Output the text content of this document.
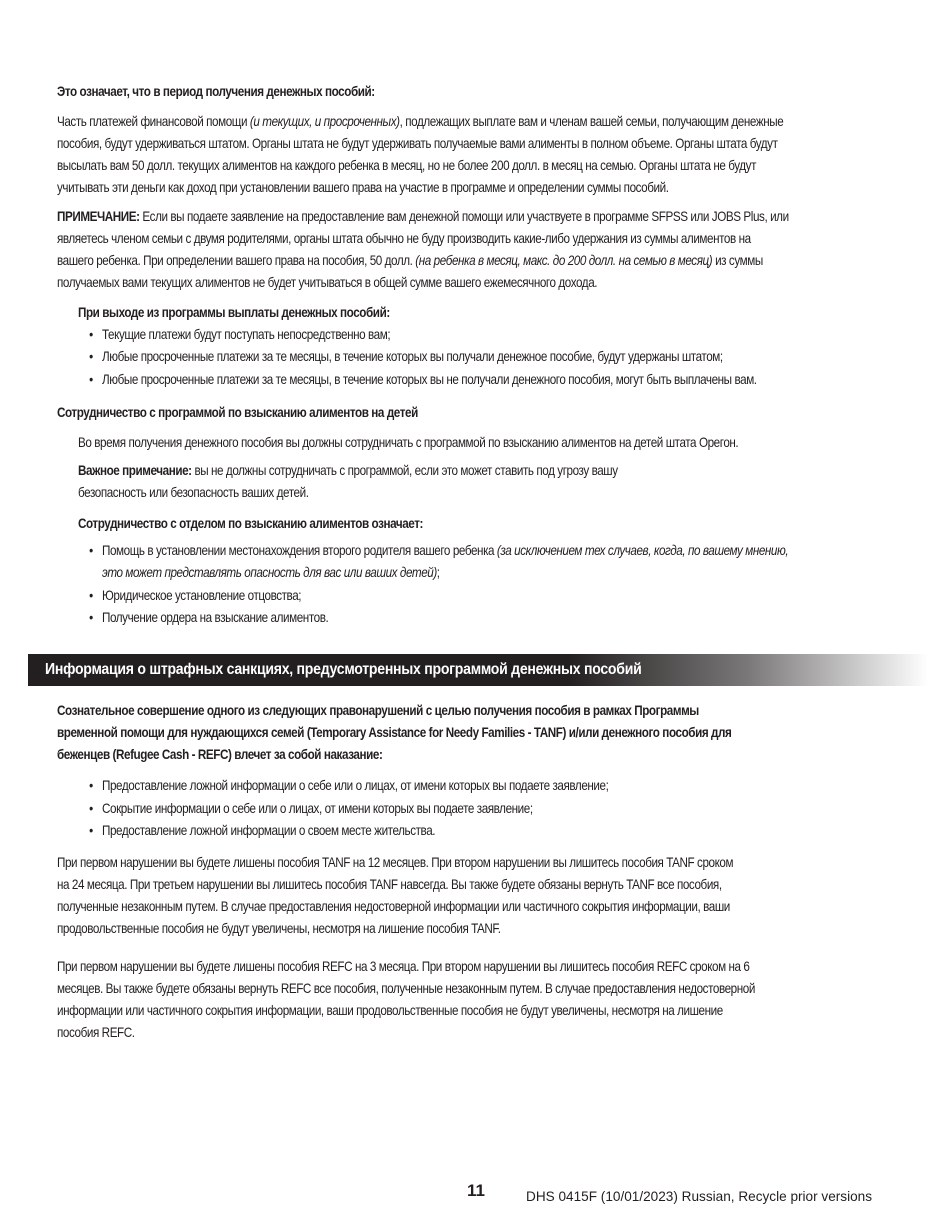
Это означает, что в период получения денежных пособий:
Часть платежей финансовой помощи (и текущих, и просроченных), подлежащих выплате вам и членам вашей семьи, получающим денежные
пособия, будут удерживаться штатом. Органы штата не будут удерживать получаемые вами алименты в полном объеме. Органы штата будут
высылать вам 50 долл. текущих алиментов на каждого ребенка в месяц, но не более 200 долл. в месяц на семью. Органы штата не будут
учитывать эти деньги как доход при установлении вашего права на участие в программе и определении суммы пособий.
ПРИМЕЧАНИЕ: Если вы подаете заявление на предоставление вам денежной помощи или участвуете в программе SFPSS или JOBS Plus, или
являетесь членом семьи с двумя родителями, органы штата обычно не буду производить какие-либо удержания из суммы алиментов на
вашего ребенка. При определении вашего права на пособия, 50 долл. (на ребенка в месяц, макс. до 200 долл. на семью в месяц) из суммы
получаемых вами текущих алиментов не будет учитываться в общей сумме вашего ежемесячного дохода.
При выходе из программы выплаты денежных пособий:
• Текущие платежи будут поступать непосредственно вам;
• Любые просроченные платежи за те месяцы, в течение которых вы получали денежное пособие, будут удержаны штатом;
• Любые просроченные платежи за те месяцы, в течение которых вы не получали денежного пособия, могут быть выплачены вам.
Сотрудничество с программой по взысканию алиментов на детей
Во время получения денежного пособия вы должны сотрудничать с программой по взысканию алиментов на детей штата Орегон.
Важное примечание: вы не должны сотрудничать с программой, если это может ставить под угрозу вашу
безопасность или безопасность ваших детей.
Сотрудничество с отделом по взысканию алиментов означает:
• Помощь в установлении местонахождения второго родителя вашего ребенка (за исключением тех случаев, когда, по вашему мнению,
это может представлять опасность для вас или ваших детей);
• Юридическое установление отцовства;
• Получение ордера на взыскание алиментов.
Информация о штрафных санкциях, предусмотренных программой денежных пособий
Сознательное совершение одного из следующих правонарушений с целью получения пособия в рамках Программы
временной помощи для нуждающихся семей (Temporary Assistance for Needy Families - TANF) и/или денежного пособия для
беженцев (Refugee Cash - REFC) влечет за собой наказание:
• Предоставление ложной информации о себе или о лицах, от имени которых вы подаете заявление;
• Сокрытие информации о себе или о лицах, от имени которых вы подаете заявление;
• Предоставление ложной информации о своем месте жительства.
При первом нарушении вы будете лишены пособия TANF на 12 месяцев. При втором нарушении вы лишитесь пособия TANF сроком
на 24 месяца. При третьем нарушении вы лишитесь пособия TANF навсегда. Вы также будете обязаны вернуть TANF все пособия,
полученные незаконным путем. В случае предоставления недостоверной информации или частичного сокрытия информации, ваши
продовольственные пособия не будут увеличены, несмотря на лишение пособия TANF.
При первом нарушении вы будете лишены пособия REFC на 3 месяца. При втором нарушении вы лишитесь пособия REFC сроком на 6
месяцев. Вы также будете обязаны вернуть REFC все пособия, полученные незаконным путем. В случае предоставления недостоверной
информации или частичного сокрытия информации, ваши продовольственные пособия не будут увеличены, несмотря на лишение
пособия REFC.
11	DHS 0415F (10/01/2023) Russian, Recycle prior versions
